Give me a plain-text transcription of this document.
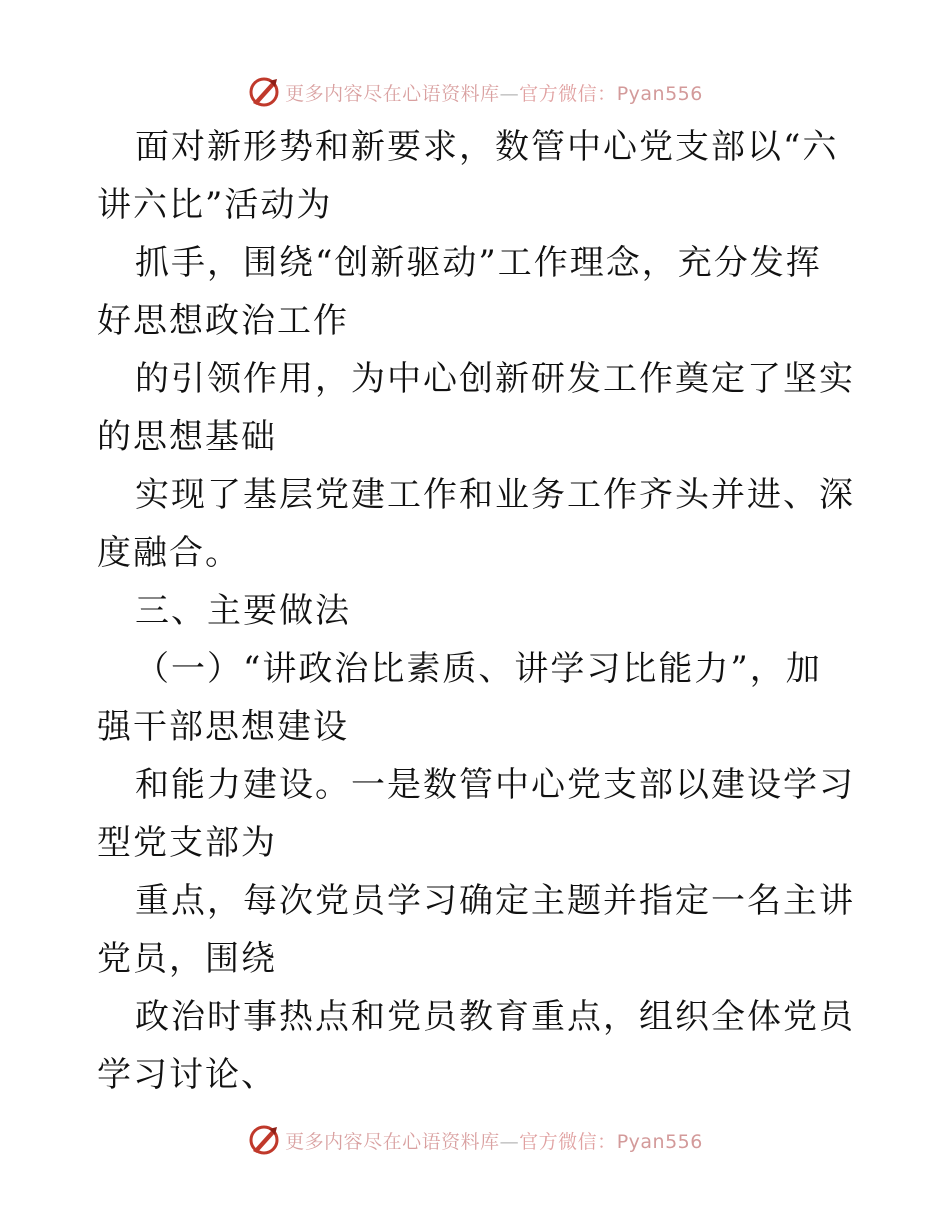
更多内容尽在心语资料库—官方微信：Pyan556

面对新形势和新要求，数管中心党支部以“六讲六比”活动为

抓手，围绕“创新驱动”工作理念，充分发挥好思想政治工作

的引领作用，为中心创新研发工作奠定了坚实的思想基础

实现了基层党建工作和业务工作齐头并进、深度融合。

三、主要做法

（一）“讲政治比素质、讲学习比能力”，加强干部思想建设

和能力建设。一是数管中心党支部以建设学习型党支部为

重点，每次党员学习确定主题并指定一名主讲党员，围绕

政治时事热点和党员教育重点，组织全体党员学习讨论、

更多内容尽在心语资料库—官方微信：Pyan556
